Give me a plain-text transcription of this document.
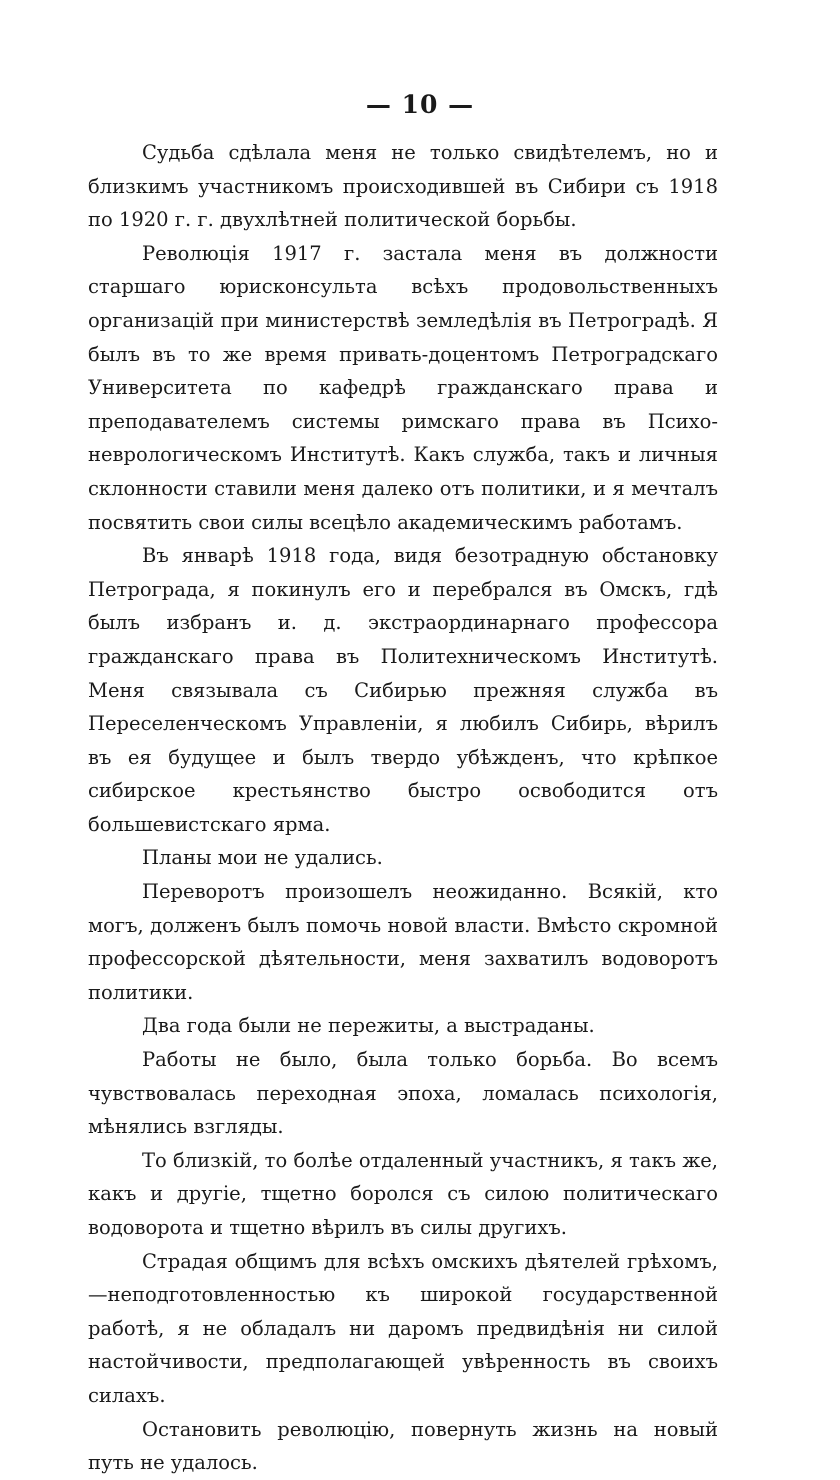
— 10 —

Судьба сдѣлала меня не только свидѣтелемъ, но и близкимъ участникомъ происходившей въ Сибири съ 1918 по 1920 г. г. двухлѣтней политической борьбы.

Революція 1917 г. застала меня въ должности старшаго юрисконсульта всѣхъ продовольственныхъ организацій при министерствѣ земледѣлія въ Петроградѣ. Я былъ въ то же время привать-доцентомъ Петроградскаго Университета по кафедрѣ гражданскаго права и преподавателемъ системы римскаго права въ Психо-неврологическомъ Институтѣ. Какъ служба, такъ и личныя склонности ставили меня далеко отъ политики, и я мечталъ посвятить свои силы всецѣло академическимъ работамъ.

Въ январѣ 1918 года, видя безотрадную обстановку Петрограда, я покинулъ его и перебрался въ Омскъ, гдѣ былъ избранъ и. д. экстраординарнаго профессора гражданскаго права въ Политехническомъ Институтѣ. Меня связывала съ Сибирью прежняя служба въ Переселенческомъ Управленіи, я любилъ Сибирь, вѣрилъ въ ея будущее и былъ твердо убѣжденъ, что крѣпкое сибирское крестьянство быстро освободится отъ большевистскаго ярма.

Планы мои не удались.

Переворотъ произошелъ неожиданно. Всякій, кто могъ, долженъ былъ помочь новой власти. Вмѣсто скромной профессорской дѣятельности, меня захватилъ водоворотъ политики.

Два года были не пережиты, а выстраданы.

Работы не было, была только борьба. Во всемъ чувствовалась переходная эпоха, ломалась психологія, мѣнялись взгляды.

То близкій, то болѣе отдаленный участникъ, я такъ же, какъ и другіе, тщетно боролся съ силою политическаго водоворота и тщетно вѣрилъ въ силы другихъ.

Страдая общимъ для всѣхъ омскихъ дѣятелей грѣхомъ,—неподготовленностью къ широкой государственной работѣ, я не обладалъ ни даромъ предвидѣнія ни силой настойчивости, предполагающей увѣренность въ своихъ силахъ.

Остановить революцію, повернуть жизнь на новый путь не удалось.
